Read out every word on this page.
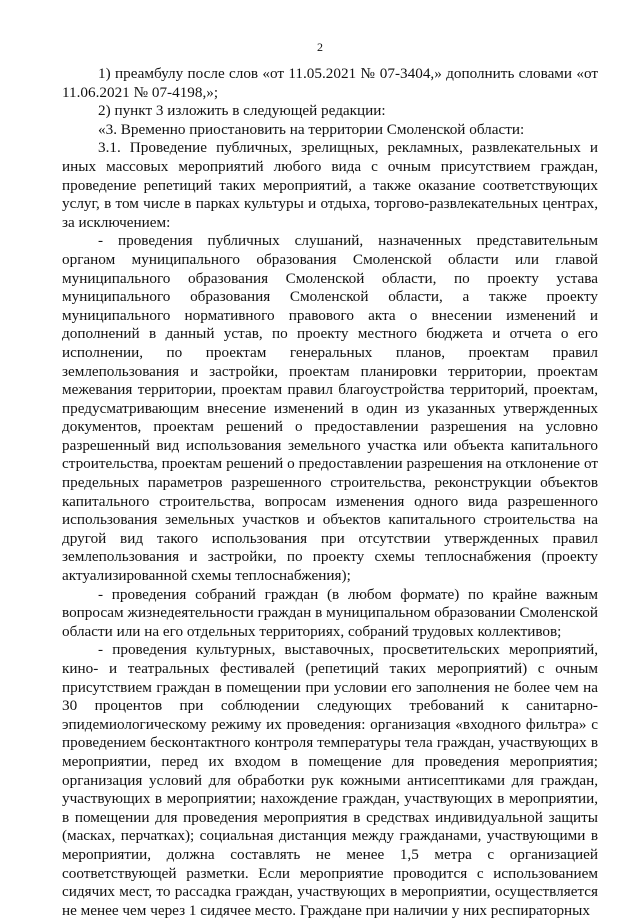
2

1) преамбулу после слов «от 11.05.2021 № 07-3404,» дополнить словами «от 11.06.2021 № 07-4198,»;

2) пункт 3 изложить в следующей редакции:

«3. Временно приостановить на территории Смоленской области:

3.1. Проведение публичных, зрелищных, рекламных, развлекательных и иных массовых мероприятий любого вида с очным присутствием граждан, проведение репетиций таких мероприятий, а также оказание соответствующих услуг, в том числе в парках культуры и отдыха, торгово-развлекательных центрах, за исключением:

- проведения публичных слушаний, назначенных представительным органом муниципального образования Смоленской области или главой муниципального образования Смоленской области, по проекту устава муниципального образования Смоленской области, а также проекту муниципального нормативного правового акта о внесении изменений и дополнений в данный устав, по проекту местного бюджета и отчета о его исполнении, по проектам генеральных планов, проектам правил землепользования и застройки, проектам планировки территории, проектам межевания территории, проектам правил благоустройства территорий, проектам, предусматривающим внесение изменений в один из указанных утвержденных документов, проектам решений о предоставлении разрешения на условно разрешенный вид использования земельного участка или объекта капитального строительства, проектам решений о предоставлении разрешения на отклонение от предельных параметров разрешенного строительства, реконструкции объектов капитального строительства, вопросам изменения одного вида разрешенного использования земельных участков и объектов капитального строительства на другой вид такого использования при отсутствии утвержденных правил землепользования и застройки, по проекту схемы теплоснабжения (проекту актуализированной схемы теплоснабжения);

- проведения собраний граждан (в любом формате) по крайне важным вопросам жизнедеятельности граждан в муниципальном образовании Смоленской области или на его отдельных территориях, собраний трудовых коллективов;

- проведения культурных, выставочных, просветительских мероприятий, кино- и театральных фестивалей (репетиций таких мероприятий) с очным присутствием граждан в помещении при условии его заполнения не более чем на 30 процентов при соблюдении следующих требований к санитарно-эпидемиологическому режиму их проведения: организация «входного фильтра» с проведением бесконтактного контроля температуры тела граждан, участвующих в мероприятии, перед их входом в помещение для проведения мероприятия; организация условий для обработки рук кожными антисептиками для граждан, участвующих в мероприятии; нахождение граждан, участвующих в мероприятии, в помещении для проведения мероприятия в средствах индивидуальной защиты (масках, перчатках); социальная дистанция между гражданами, участвующими в мероприятии, должна составлять не менее 1,5 метра с организацией соответствующей разметки. Если мероприятие проводится с использованием сидячих мест, то рассадка граждан, участвующих в мероприятии, осуществляется не менее чем через 1 сидячее место. Граждане при наличии у них респираторных
